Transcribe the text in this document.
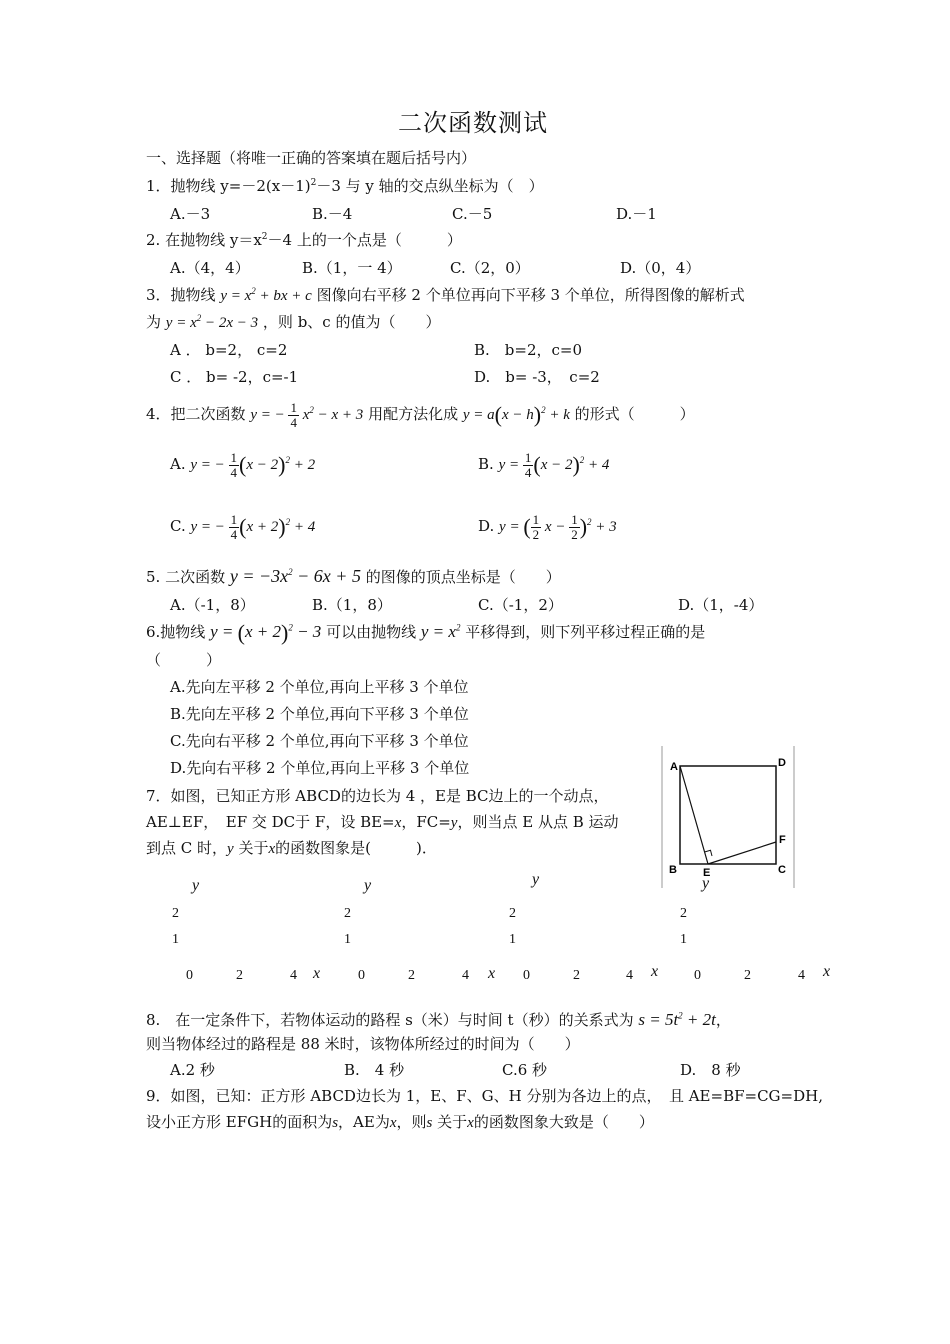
二次函数测试
一、选择题（将唯一正确的答案填在题后括号内）
1．抛物线 $y=-2(x-1)^2-3$ 与 y 轴的交点纵坐标为（　）
A.－3	B.－4	C.－5	D.－1
2. 在抛物线 $y=x^2-4$ 上的一个点是（　　　）
A.（4，4）	B.（1，一 4）	C.（2，0）	D.（0，4）
3．抛物线 $y = x^2$ + bx + c 图像向右平移 2 个单位再向下平移 3 个单位，所得图像的解析式
为 $y = x^2 - 2x - 3$ ，则 b、c 的值为（　　）
A ． b=2， c=2	B.　b=2，c=0
C ． b= -2，c=-1	D.　b= -3，　c=2
4．把二次函数 y = − $\frac{1}{4} x^2 - x + 3$ 用配方法化成 $y = a(x - h)^2 + k$ 的形式（　　　）
A. y = − $\frac{1}{4} (x - 2)^2 + 2$	B. $y = \frac{1}{4} (x - 2)^2 + 4$
C. y = − $\frac{1}{4} (x + 2)^2 + 4$	D. y = ( $\frac{1}{2}$ $x - \frac{1}{2} )^2 + 3$
5. 二次函数 $y = -3x^2 - 6x + 5$ 的图像的顶点坐标是（　　）
A.（-1，8）	B.（1，8）	C.（-1，2）	D.（1，-4）
6.抛物线 $y = (x + 2)^2 - 3$ 可以由抛物线 $y = x^2$ 平移得到，则下列平移过程正确的是
（　　　）
A.先向左平移 2 个单位,再向上平移 3 个单位
B.先向左平移 2 个单位,再向下平移 3 个单位
C.先向右平移 2 个单位,再向下平移 3 个单位
D.先向右平移 2 个单位,再向上平移 3 个单位
7．如图，已知正方形 ABCD的边长为 4 ，E是 BC边上的一个动点，
AE⊥EF，　EF 交 DC于 F，设 BE=x，FC=y，则当点 E 从点 B 运动
到点 C 时，y 关于x的函数图象是(　　　)．
A	D
F
B E	C
y
2
1
0	2	4 x
y
2
1
0	2	4 x
y
2
1
0	2	4 x
y
2
1
0	2	4 x
8.　在一定条件下，若物体运动的路程 s（米）与时间 t（秒）的关系式为 $s = 5t^2 + 2t$，
则当物体经过的路程是 88 米时，该物体所经过的时间为（　　）
A.2 秒	B.　4 秒	C.6 秒	D.　8 秒
9．如图，已知：正方形 ABCD边长为 1，E、F、G、H 分别为各边上的点，　且 AE=BF=CG=DH,
设小正方形 EFGH的面积为s，AE为x，则s 关于x的函数图象大致是（　　）
